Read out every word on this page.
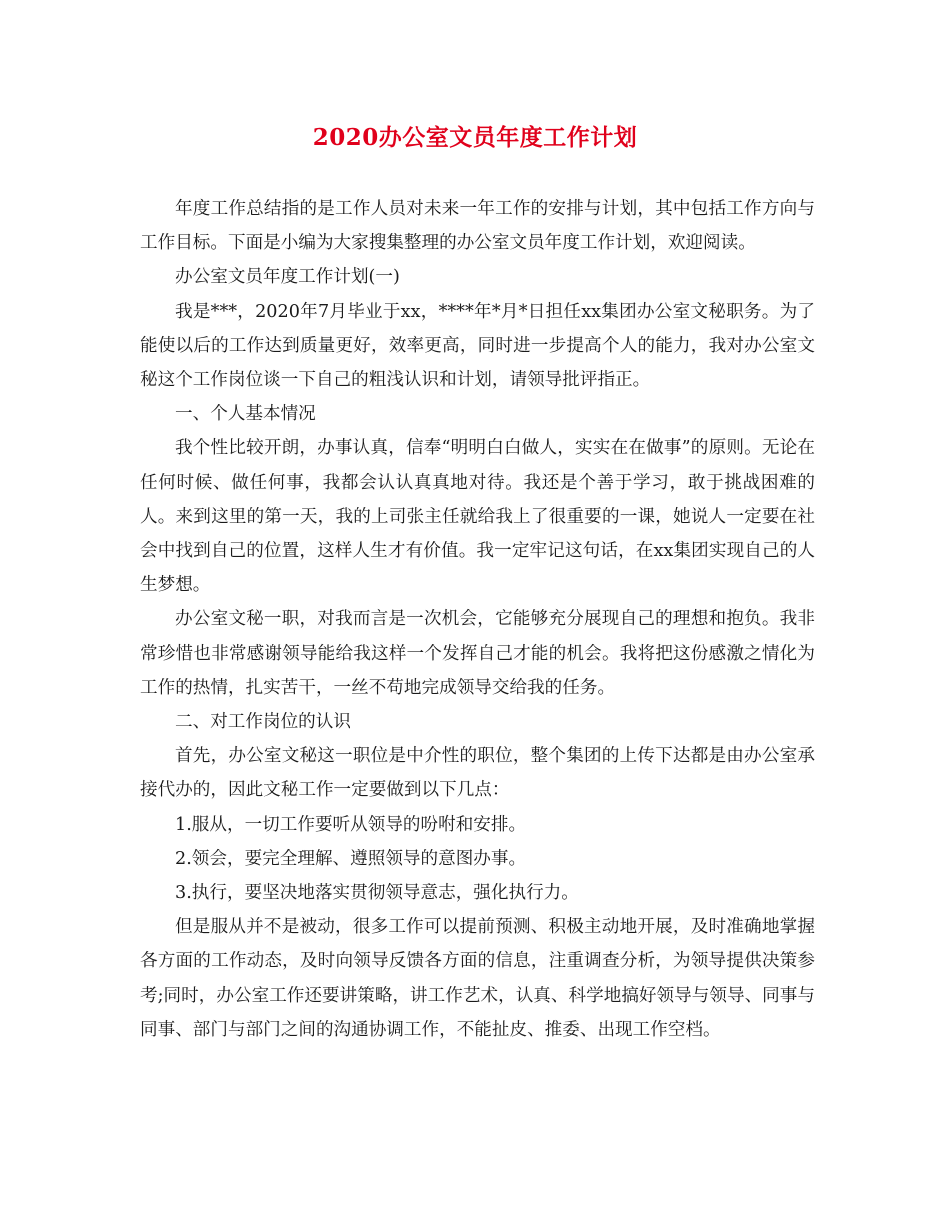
2020办公室文员年度工作计划

年度工作总结指的是工作人员对未来一年工作的安排与计划，其中包括工作方向与工作目标。下面是小编为大家搜集整理的办公室文员年度工作计划，欢迎阅读。

办公室文员年度工作计划(一)

我是***，2020年7月毕业于xx，****年*月*日担任xx集团办公室文秘职务。为了能使以后的工作达到质量更好，效率更高，同时进一步提高个人的能力，我对办公室文秘这个工作岗位谈一下自己的粗浅认识和计划，请领导批评指正。

一、个人基本情况

我个性比较开朗，办事认真，信奉“明明白白做人，实实在在做事”的原则。无论在任何时候、做任何事，我都会认认真真地对待。我还是个善于学习，敢于挑战困难的人。来到这里的第一天，我的上司张主任就给我上了很重要的一课，她说人一定要在社会中找到自己的位置，这样人生才有价值。我一定牢记这句话，在xx集团实现自己的人生梦想。

办公室文秘一职，对我而言是一次机会，它能够充分展现自己的理想和抱负。我非常珍惜也非常感谢领导能给我这样一个发挥自己才能的机会。我将把这份感激之情化为工作的热情，扎实苦干，一丝不苟地完成领导交给我的任务。

二、对工作岗位的认识

首先，办公室文秘这一职位是中介性的职位，整个集团的上传下达都是由办公室承接代办的，因此文秘工作一定要做到以下几点：

1.服从，一切工作要听从领导的吩咐和安排。

2.领会，要完全理解、遵照领导的意图办事。

3.执行，要坚决地落实贯彻领导意志，强化执行力。

但是服从并不是被动，很多工作可以提前预测、积极主动地开展，及时准确地掌握各方面的工作动态，及时向领导反馈各方面的信息，注重调查分析，为领导提供决策参考;同时，办公室工作还要讲策略，讲工作艺术，认真、科学地搞好领导与领导、同事与同事、部门与部门之间的沟通协调工作，不能扯皮、推委、出现工作空档。
